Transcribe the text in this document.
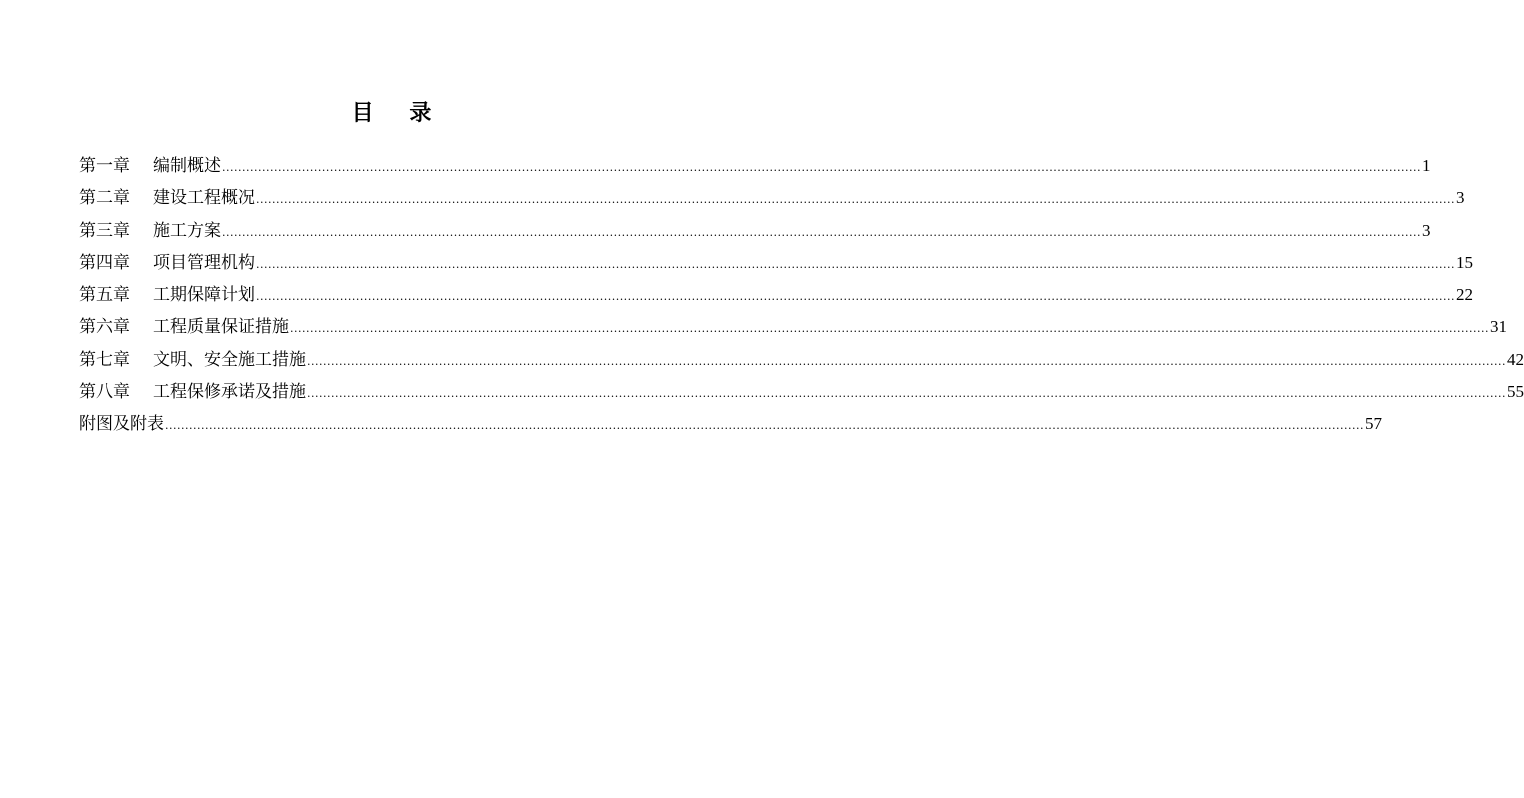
目 录
第一章	编制概述 ............................................................................................................................................................................................................................................................................................................ 1
第二章	建设工程概况 ............................................................................................................................................................................................................................................................................................................ 3
第三章	施工方案 ............................................................................................................................................................................................................................................................................................................ 3
第四章	项目管理机构 ............................................................................................................................................................................................................................................................................................................ 15
第五章	工期保障计划 ............................................................................................................................................................................................................................................................................................................ 22
第六章	工程质量保证措施 ............................................................................................................................................................................................................................................................................................................ 31
第七章	文明、安全施工措施 ............................................................................................................................................................................................................................................................................................................ 42
第八章	工程保修承诺及措施 ............................................................................................................................................................................................................................................................................................................ 55
附图及附表 ............................................................................................................................................................................................................................................................................................................ 57
